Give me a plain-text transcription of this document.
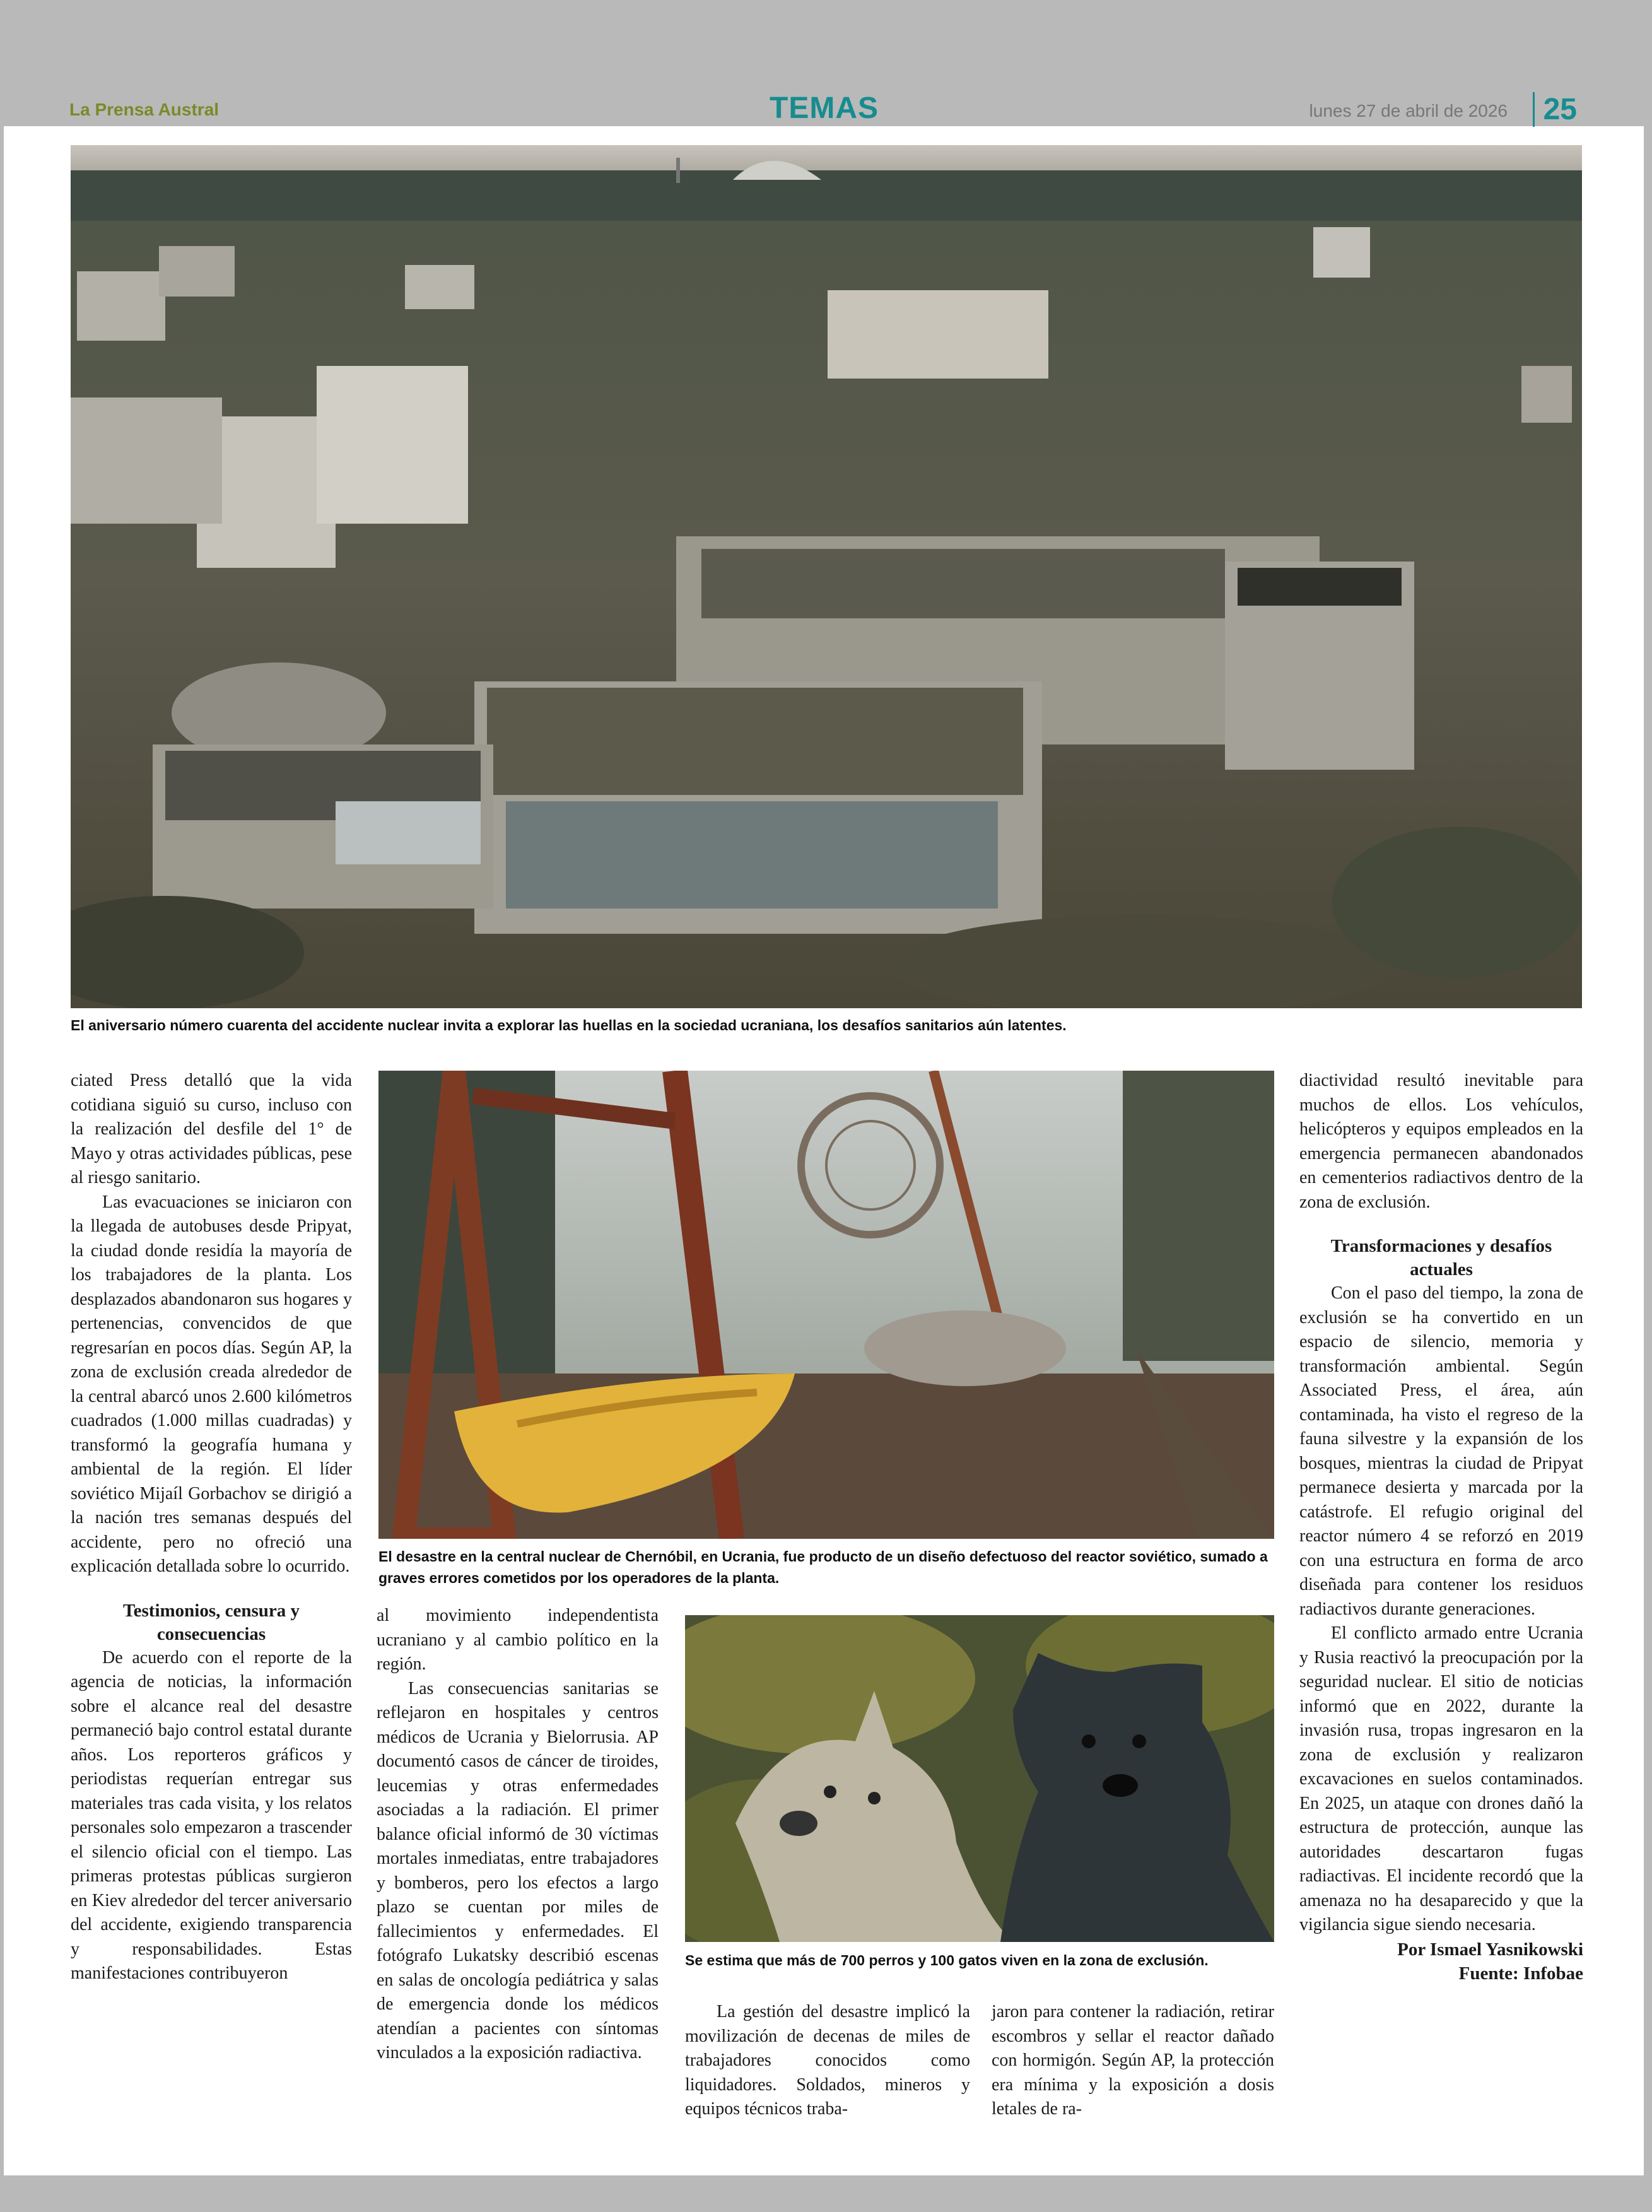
La Prensa Austral	TEMAS	lunes 27 de abril de 2026	25
El aniversario número cuarenta del accidente nuclear invita a explorar las huellas en la sociedad ucraniana, los desafíos sanitarios aún latentes.

ciated Press detalló que la vida cotidiana siguió su curso, incluso con la realización del desfile del 1° de Mayo y otras actividades públicas, pese al riesgo sanitario.

Las evacuaciones se iniciaron con la llegada de autobuses desde Pripyat, la ciudad donde residía la mayoría de los trabajadores de la planta. Los desplazados abandonaron sus hogares y pertenencias, convencidos de que regresarían en pocos días. Según AP, la zona de exclusión creada alrededor de la central abarcó unos 2.600 kilómetros cuadrados (1.000 millas cuadradas) y transformó la geografía humana y ambiental de la región. El líder soviético Mijaíl Gorbachov se dirigió a la nación tres semanas después del accidente, pero no ofreció una explicación detallada sobre lo ocurrido.

Testimonios, censura y consecuencias

De acuerdo con el reporte de la agencia de noticias, la información sobre el alcance real del desastre permaneció bajo control estatal durante años. Los reporteros gráficos y periodistas requerían entregar sus materiales tras cada visita, y los relatos personales solo empezaron a trascender el silencio oficial con el tiempo. Las primeras protestas públicas surgieron en Kiev alrededor del tercer aniversario del accidente, exigiendo transparencia y responsabilidades. Estas manifestaciones contribuyeron

El desastre en la central nuclear de Chernóbil, en Ucrania, fue producto de un diseño defectuoso del reactor soviético, sumado a graves errores cometidos por los operadores de la planta.

al movimiento independentista ucraniano y al cambio político en la región.

Las consecuencias sanitarias se reflejaron en hospitales y centros médicos de Ucrania y Bielorrusia. AP documentó casos de cáncer de tiroides, leucemias y otras enfermedades asociadas a la radiación. El primer balance oficial informó de 30 víctimas mortales inmediatas, entre trabajadores y bomberos, pero los efectos a largo plazo se cuentan por miles de fallecimientos y enfermedades. El fotógrafo Lukatsky describió escenas en salas de oncología pediátrica y salas de emergencia donde los médicos atendían a pacientes con síntomas vinculados a la exposición radiactiva.

Se estima que más de 700 perros y 100 gatos viven en la zona de exclusión.

La gestión del desastre implicó la movilización de decenas de miles de trabajadores conocidos como liquidadores. Soldados, mineros y equipos técnicos traba-

jaron para contener la radiación, retirar escombros y sellar el reactor dañado con hormigón. Según AP, la protección era mínima y la exposición a dosis letales de ra-

diactividad resultó inevitable para muchos de ellos. Los vehículos, helicópteros y equipos empleados en la emergencia permanecen abandonados en cementerios radiactivos dentro de la zona de exclusión.

Transformaciones y desafíos actuales

Con el paso del tiempo, la zona de exclusión se ha convertido en un espacio de silencio, memoria y transformación ambiental. Según Associated Press, el área, aún contaminada, ha visto el regreso de la fauna silvestre y la expansión de los bosques, mientras la ciudad de Pripyat permanece desierta y marcada por la catástrofe. El refugio original del reactor número 4 se reforzó en 2019 con una estructura en forma de arco diseñada para contener los residuos radiactivos durante generaciones.

El conflicto armado entre Ucrania y Rusia reactivó la preocupación por la seguridad nuclear. El sitio de noticias informó que en 2022, durante la invasión rusa, tropas ingresaron en la zona de exclusión y realizaron excavaciones en suelos contaminados. En 2025, un ataque con drones dañó la estructura de protección, aunque las autoridades descartaron fugas radiactivas. El incidente recordó que la amenaza no ha desaparecido y que la vigilancia sigue siendo necesaria.

Por Ismael Yasnikowski
Fuente: Infobae
